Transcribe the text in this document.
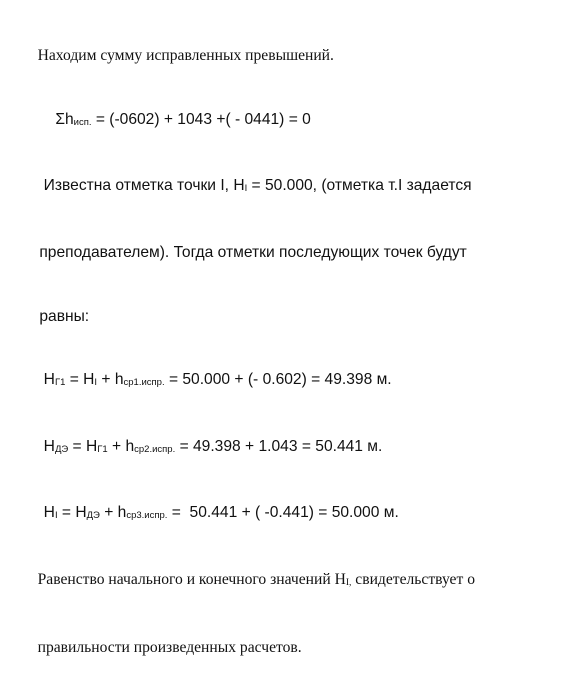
Находим сумму исправленных превышений.

Σhисп. = (-0602) + 1043 +( - 0441) = 0

Известна отметка точки I, HI = 50.000, (отметка т.I задается

преподавателем). Тогда отметки последующих точек будут

равны:

HГ1 = HI + hср1.испр. = 50.000 + (- 0.602) = 49.398 м.

HДЭ = HГ1 + hср2.испр. = 49.398 + 1.043 = 50.441 м.

HI = HДЭ + hср3.испр. =  50.441 + ( -0.441) = 50.000 м.

Равенство начального и конечного значений HI, свидетельствует о

правильности произведенных расчетов.
